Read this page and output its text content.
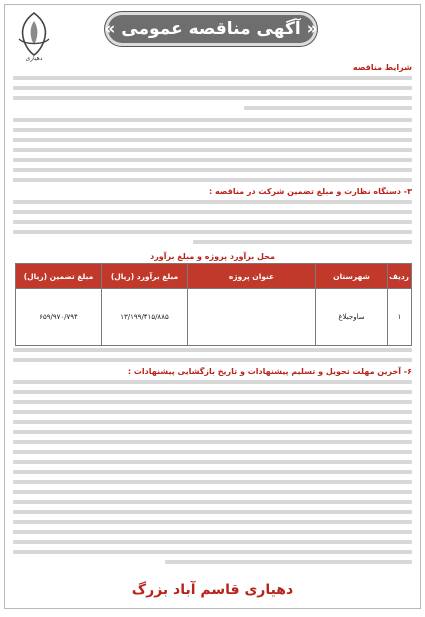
دهیاری
« آگهی مناقصه عمومی »
شرایط مناقصه
۳- دستگاه نظارت و مبلغ تضمین شرکت در مناقصه :
محل برآورد پروژه و مبلغ برآورد
ردیف	شهرستان	عنوان پروژه	مبلغ برآورد (ریال)	مبلغ تضمین (ریال)
۱	ساوجبلاغ		۱۳/۱۹۹/۴۱۵/۸۸۵	۶۵۹/۹۷۰/۷۹۴
۶- آخرین مهلت تحویل و تسلیم پیشنهادات و تاریخ بازگشایی پیشنهادات :
دهیاری قاسم آباد بزرگ
